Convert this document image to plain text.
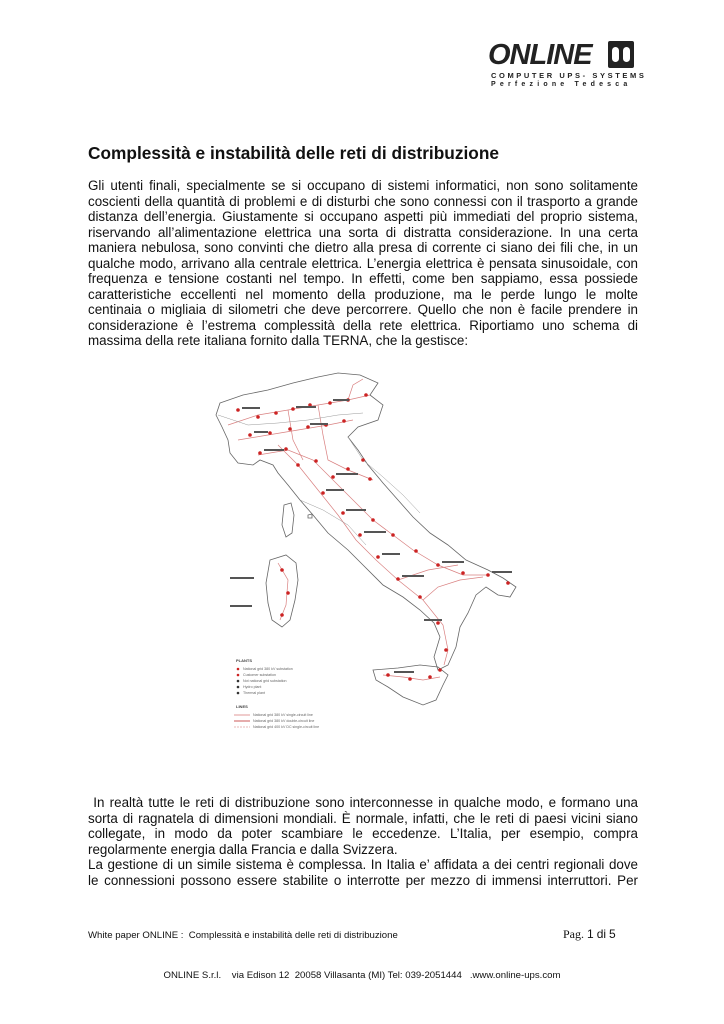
ONLINE
COMPUTER UPS- SYSTEMS
Perfezione Tedesca
Complessità e instabilità delle reti di distribuzione
Gli utenti finali, specialmente se si occupano di sistemi informatici, non sono solitamente
coscienti della quantità di problemi e di disturbi che sono connessi con il trasporto a grande
distanza dell’energia. Giustamente si occupano aspetti più immediati del proprio sistema,
riservando all’alimentazione elettrica una sorta di distratta considerazione. In una certa
maniera nebulosa, sono convinti che dietro alla presa di corrente ci siano dei fili che, in un
qualche modo, arrivano alla centrale elettrica. L’energia elettrica è pensata sinusoidale, con
frequenza e tensione costanti nel tempo. In effetti, come ben sappiamo, essa possiede
caratteristiche eccellenti nel momento della produzione, ma le perde lungo le molte
centinaia o migliaia di silometri che deve percorrere. Quello che non è facile prendere in
considerazione è l’estrema complessità della rete elettrica. Riportiamo uno schema di
massima della rete italiana fornito dalla TERNA, che la gestisce:
PLANTS
National grid 380 kV substation
Customer substation
Not national grid substation
Hydro plant
Thermal plant
LINES
National grid 380 kV single-circuit line
National grid 380 kV double-circuit line
National grid 400 kV DC single-circuit line
In realtà tutte le reti di distribuzione sono interconnesse in qualche modo, e formano una
sorta di ragnatela di dimensioni mondiali. È normale, infatti, che le reti di paesi vicini siano
collegate, in modo da poter scambiare le eccedenze. L’Italia, per esempio, compra
regolarmente energia dalla Francia e dalla Svizzera.
La gestione di un simile sistema è complessa. In Italia e’ affidata a dei centri regionali dove
le connessioni possono essere stabilite o interrotte per mezzo di immensi interruttori. Per
White paper ONLINE :  Complessità e instabilità delle reti di distribuzione	Pag. 1 di 5
ONLINE S.r.l.    via Edison 12  20058 Villasanta (MI) Tel: 039-2051444   .www.online-ups.com
